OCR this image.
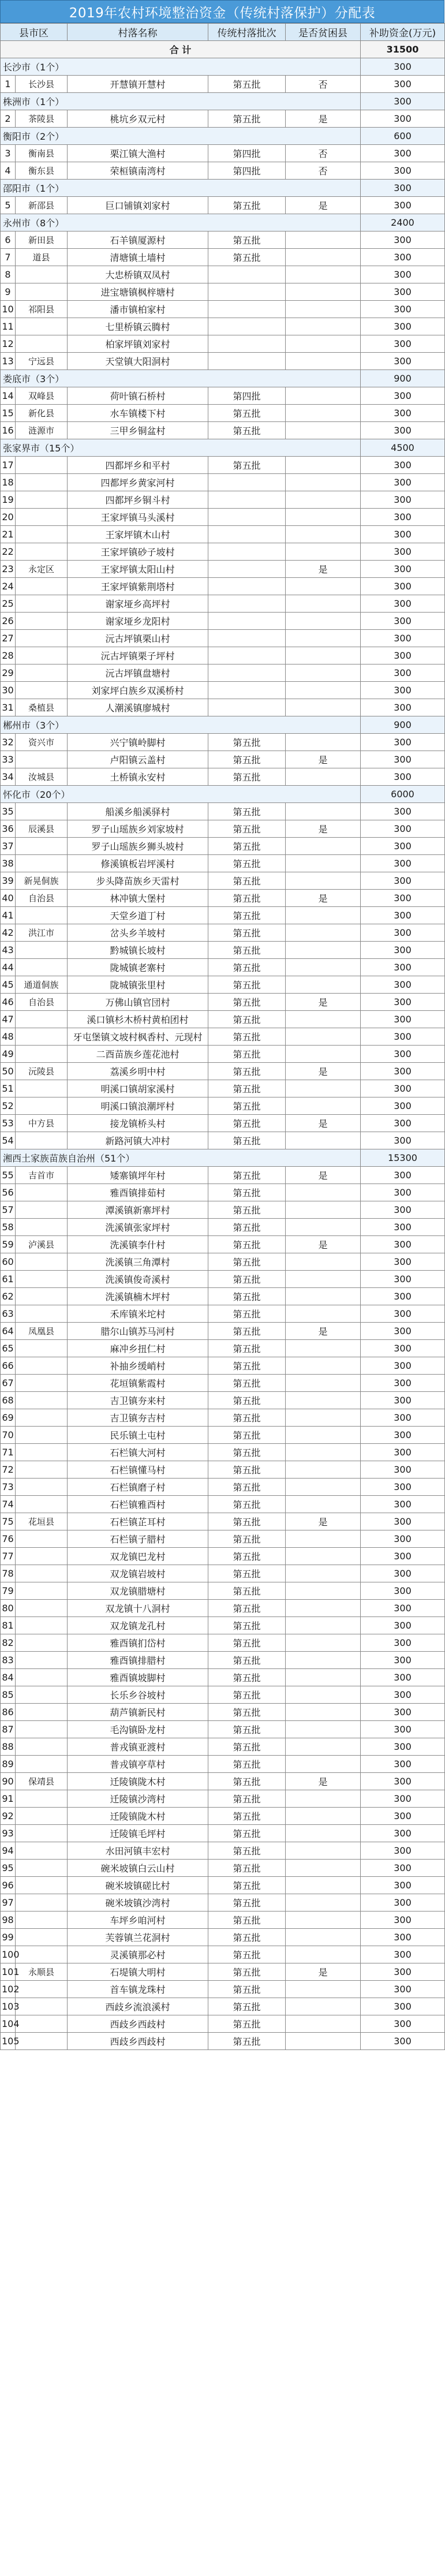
2019年农村环境整治资金（传统村落保护）分配表
县市区		村落名称	传统村落批次	是否贫困县	补助资金(万元)
合 计					31500
长沙市（1个）					300
1	长沙县	开慧镇开慧村	第五批	否	300
株洲市（1个）					300
2	茶陵县	桃坑乡双元村	第五批	是	300
衡阳市（2个）					600
3	衡南县	栗江镇大渔村	第四批	否	300
4	衡东县	荣桓镇南湾村	第四批	否	300
邵阳市（1个）					300
5	新邵县	巨口铺镇刘家村	第五批	是	300
永州市（8个）					2400
6	新田县	石羊镇厦源村	第五批		300
7	道县	清塘镇土墙村	第五批		300
8		大忠桥镇双凤村			300
9		进宝塘镇枫梓塘村			300
10	祁阳县	潘市镇柏家村			300
11		七里桥镇云腾村			300
12		柏家坪镇刘家村			300
13	宁远县	天堂镇大阳洞村			300
娄底市（3个）					900
14	双峰县	荷叶镇石桥村	第四批		300
15	新化县	水车镇楼下村	第五批		300
16	涟源市	三甲乡铜盆村	第五批		300
张家界市（15个）					4500
17		四都坪乡和平村	第五批		300
18		四都坪乡黄家河村			300
19		四都坪乡铜斗村			300
20		王家坪镇马头溪村			300
21		王家坪镇木山村			300
22		王家坪镇砂子坡村			300
23	永定区	王家坪镇太阳山村		是	300
24		王家坪镇紫荆塔村			300
25		谢家垭乡高坪村			300
26		谢家垭乡龙阳村			300
27		沅古坪镇栗山村			300
28		沅古坪镇栗子坪村			300
29		沅古坪镇盘塘村			300
30		刘家坪白族乡双溪桥村			300
31	桑植县	人潮溪镇廖城村			300
郴州市（3个）					900
32	资兴市	兴宁镇岭脚村	第五批		300
33		卢阳镇云盖村	第五批	是	300
34	汝城县	土桥镇永安村	第五批		300
怀化市（20个）					6000
35		船溪乡船溪驿村	第五批		300
36	辰溪县	罗子山瑶族乡刘家坡村	第五批	是	300
37		罗子山瑶族乡狮头坡村	第五批		300
38		修溪镇板岩坪溪村	第五批		300
39	新晃侗族	步头降苗族乡天雷村	第五批		300
40	自治县	林冲镇大堡村	第五批	是	300
41		天堂乡道丁村	第五批		300
42	洪江市	岔头乡羊坡村	第五批		300
43		黔城镇长坡村	第五批		300
44		陇城镇老寨村	第五批		300
45	通道侗族	陇城镇张里村	第五批		300
46	自治县	万佛山镇官団村	第五批	是	300
47		溪口镇杉木桥村黄柏团村	第五批		300
48		牙屯堡镇文坡村枫香村、元现村	第五批		300
49		二酉苗族乡莲花池村	第五批		300
50	沅陵县	荔溪乡明中村	第五批	是	300
51		明溪口镇胡家溪村	第五批		300
52		明溪口镇浪潮坪村	第五批		300
53	中方县	接龙镇桥头村	第五批	是	300
54		新路河镇大冲村	第五批		300
湘西土家族苗族自治州（51个）					15300
55	吉首市	矮寨镇坪年村	第五批	是	300
56		雅酉镇排茹村	第五批		300
57		潭溪镇新寨坪村	第五批		300
58		洗溪镇张家坪村	第五批		300
59	泸溪县	洗溪镇李什村	第五批	是	300
60		洗溪镇三角潭村	第五批		300
61		洗溪镇俊奇溪村	第五批		300
62		洗溪镇楠木坪村	第五批		300
63		禾库镇米坨村	第五批		300
64	凤凰县	腊尔山镇苏马河村	第五批	是	300
65		麻冲乡扭仁村	第五批		300
66		补抽乡缓峭村	第五批		300
67		花垣镇紫霞村	第五批		300
68		吉卫镇夯来村	第五批		300
69		吉卫镇夯吉村	第五批		300
70		民乐镇土屯村	第五批		300
71		石栏镇大河村	第五批		300
72		石栏镇懂马村	第五批		300
73		石栏镇磨子村	第五批		300
74		石栏镇雅酉村	第五批		300
75	花垣县	石栏镇芷耳村	第五批	是	300
76		石栏镇子腊村	第五批		300
77		双龙镇巴龙村	第五批		300
78		双龙镇岩坡村	第五批		300
79		双龙镇腊塘村	第五批		300
80		双龙镇十八洞村	第五批		300
81		双龙镇龙孔村	第五批		300
82		雅酉镇扪岱村	第五批		300
83		雅酉镇排腊村	第五批		300
84		雅酉镇坡脚村	第五批		300
85		长乐乡谷坡村	第五批		300
86		葫芦镇新民村	第五批		300
87		毛沟镇卧龙村	第五批		300
88		普戎镇亚渡村	第五批		300
89		普戎镇亭草村	第五批		300
90	保靖县	迁陵镇陇木村	第五批	是	300
91		迁陵镇沙湾村	第五批		300
92		迁陵镇陇木村	第五批		300
93		迁陵镇毛坪村	第五批		300
94		水田河镇丰宏村	第五批		300
95		碗米坡镇白云山村	第五批		300
96		碗米坡镇磋比村	第五批		300
97		碗米坡镇沙湾村	第五批		300
98		车坪乡咱河村	第五批		300
99		芙蓉镇兰花洞村	第五批		300
100		灵溪镇那必村	第五批		300
101	永顺县	石堤镇大明村	第五批	是	300
102		首车镇龙珠村	第五批		300
103		西歧乡流浪溪村	第五批		300
104		西歧乡西歧村	第五批		300
105		西歧乡西歧村	第五批		300
